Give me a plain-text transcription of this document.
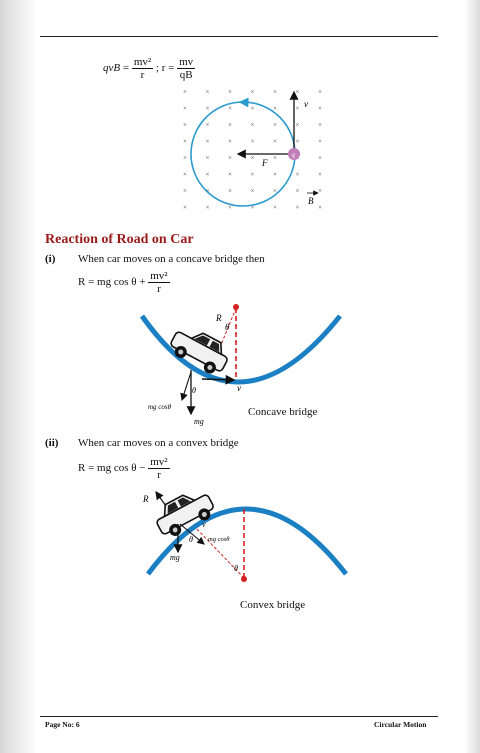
qvB = $\frac{\text{mv²}}{r}$ ; $r = \frac{mv}{qB}$
×	×	×	×	×	×	×
×	×	×	×	×	×	×
×	×	×	×	×	×	×
×	×	×	×	×	×	×
×	×	×	×	×	×
×	×	×	×	×	×	×
×	×	×	×	×	×	×
×	×	×	×	×	×	×
q
v
F
B
Reaction of Road on Car
(i) When car moves on a concave bridge then
R = mg $\cos \theta + \frac{\text{mv²}}{r}$
R
θ
v
θ
mg cosθ
mg
Concave bridge
(ii) When car moves on a convex bridge
R = mg $\cos \theta - \frac{\text{mv²}}{r}$
θ
R
v
θ mg cosθ
mg
Convex bridge
Page No: 6	Circular Motion
